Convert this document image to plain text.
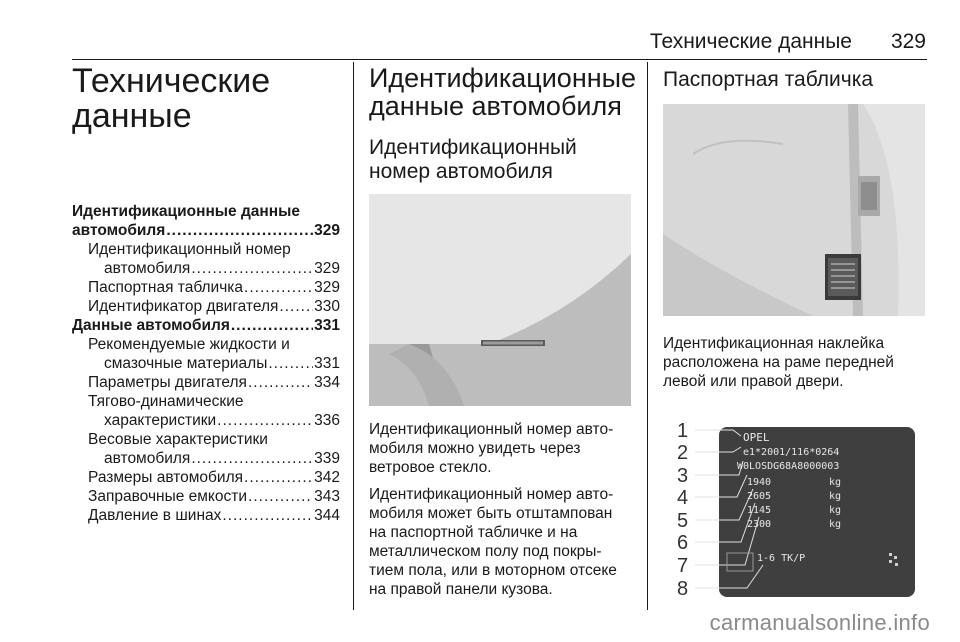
Технические данные 329
Технические
данные
Идентификационные данные
автомобиля .....	329
Идентификационный номер
автомобиля .....	329
Паспортная табличка .....	329
Идентификатор двигателя ..... 330
Данные автомобиля .....	331
Рекомендуемые жидкости и
смазочные материалы .....	331
Параметры двигателя .....	334
Тягово-динамические
характеристики .....	336
Весовые характеристики
автомобиля .....	339
Размеры автомобиля .....	342
Заправочные емкости .....	343
Давление в шинах .....	344
Идентификационные
данные автомобиля
Идентификационный
номер автомобиля

Идентификационный номер авто-мобиля можно увидеть через ветровое стекло.

Идентификационный номер авто-мобиля может быть отштампован на паспортной табличке и на металлическом полу под покры-тием пола, или в моторном отсеке на правой панели кузова.

Паспортная табличка

Идентификационная наклейка расположена на раме передней левой или правой двери.

1
2
3
4
5
6
7
8
OPEL
e1*2001/116*0264
W0LOSDG68A8000003
1940
2605
1145
2300
kg
kg
kg
kg
1-6 TK/P
carmanualsonline.info
